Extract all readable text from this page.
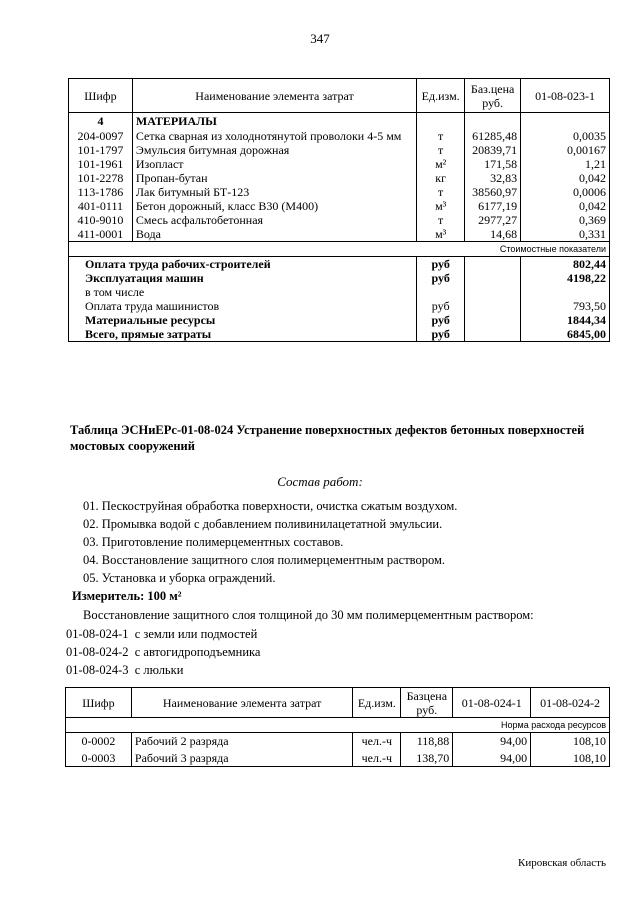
347
Шифр	Наименование элемента затрат	Ед.изм.	Баз.цена руб.	01-08-023-1
4	МАТЕРИАЛЫ			
204-0097	Сетка сварная из холоднотянутой проволоки 4-5 мм	т	61285,48	0,0035
101-1797	Эмульсия битумная дорожная	т	20839,71	0,00167
101-1961	Изопласт	м²	171,58	1,21
101-2278	Пропан-бутан	кг	32,83	0,042
113-1786	Лак битумный БТ-123	т	38560,97	0,0006
401-0111	Бетон дорожный, класс В30 (М400)	м³	6177,19	0,042
410-9010	Смесь асфальтобетонная	т	2977,27	0,369
411-0001	Вода	м³	14,68	0,331
Стоимостные показатели				
Оплата труда рабочих-строителей		руб		802,44
Эксплуатация машин		руб		4198,22
в том числе				
Оплата труда машинистов		руб		793,50
Материальные ресурсы		руб		1844,34
Всего, прямые затраты		руб		6845,00
Таблица ЭСНиЕРс-01-08-024 Устранение поверхностных дефектов бетонных поверхностей мостовых сооружений
Состав работ:
01. Пескоструйная обработка поверхности, очистка сжатым воздухом.
02. Промывка водой с добавлением поливинилацетатной эмульсии.
03. Приготовление полимерцементных составов.
04. Восстановление защитного слоя полимерцементным раствором.
05. Установка и уборка ограждений.
Измеритель: 100 м²
Восстановление защитного слоя толщиной до 30 мм полимерцементным раствором:
01-08-024-1 с земли или подмостей
01-08-024-2 с автогидроподъемника
01-08-024-3 с люльки
Шифр	Наименование элемента затрат	Ед.изм.	Базцена руб.	01-08-024-1	01-08-024-2
Норма расхода ресурсов					
0-0002	Рабочий 2 разряда	чел.-ч	118,88	94,00	108,10
0-0003	Рабочий 3 разряда	чел.-ч	138,70	94,00	108,10
Кировская область
